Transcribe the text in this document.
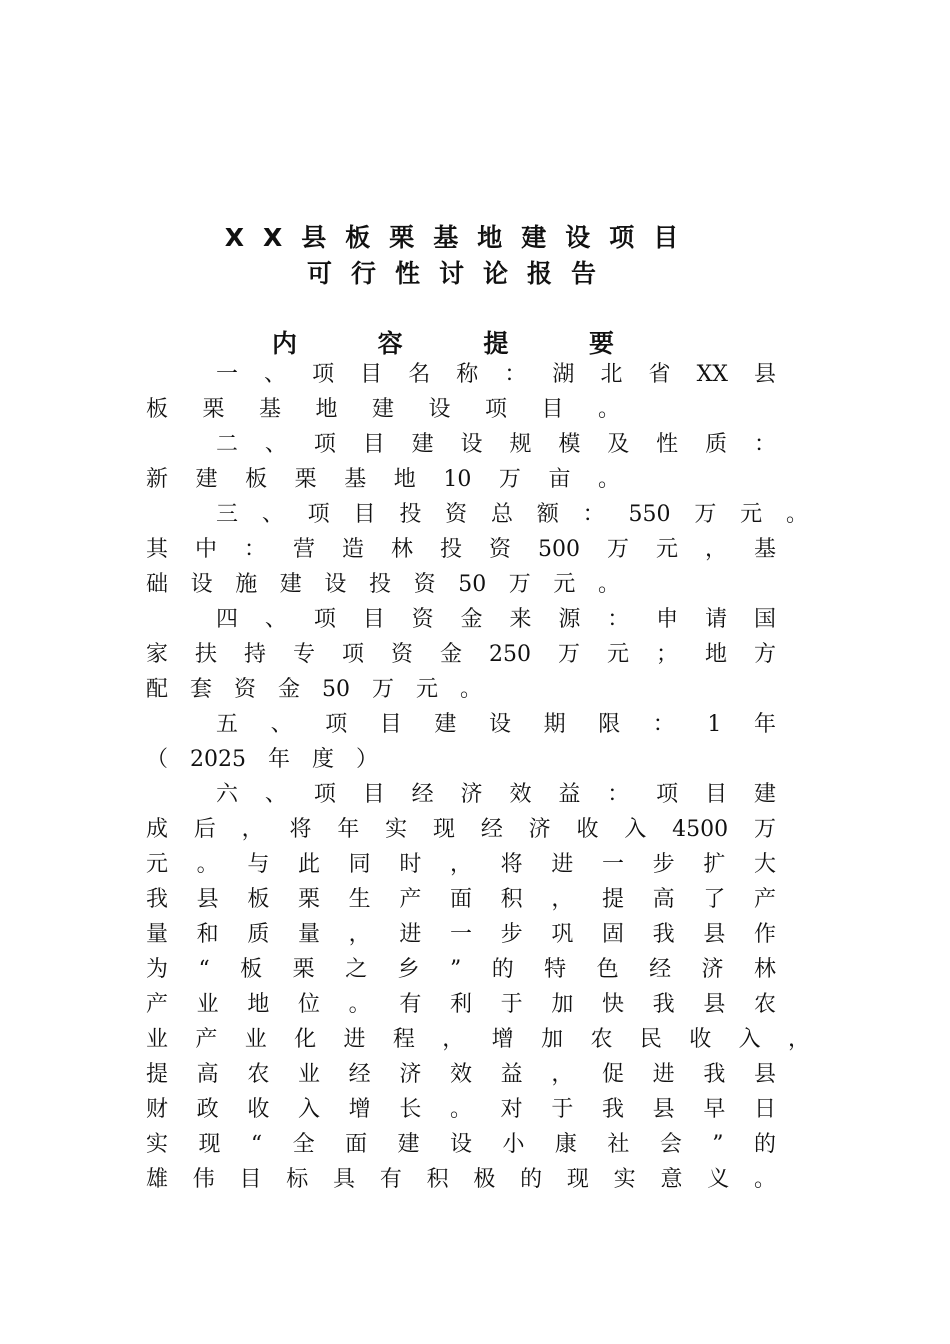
XX县板栗基地建设项目
可行性讨论报告
内 容 提 要
一、项目名称：湖北省XX县
板栗基地建设项目。
二、项目建设规模及性质：
新建板栗基地10万亩。
三、项目投资总额：550万元。
其中：营造林投资500万元，基
础设施建设投资50万元。
四、项目资金来源：申请国
家扶持专项资金250万元；地方
配套资金50万元。
五、项目建设期限：1年
（2025年度）
六、项目经济效益：项目建
成后，将年实现经济收入4500万
元。与此同时，将进一步扩大
我县板栗生产面积，提高了产
量和质量，进一步巩固我县作
为“板栗之乡”的特色经济林
产业地位。有利于加快我县农
业产业化进程，增加农民收入，
提高农业经济效益，促进我县
财政收入增长。对于我县早日
实现“全面建设小康社会”的
雄伟目标具有积极的现实意义。
